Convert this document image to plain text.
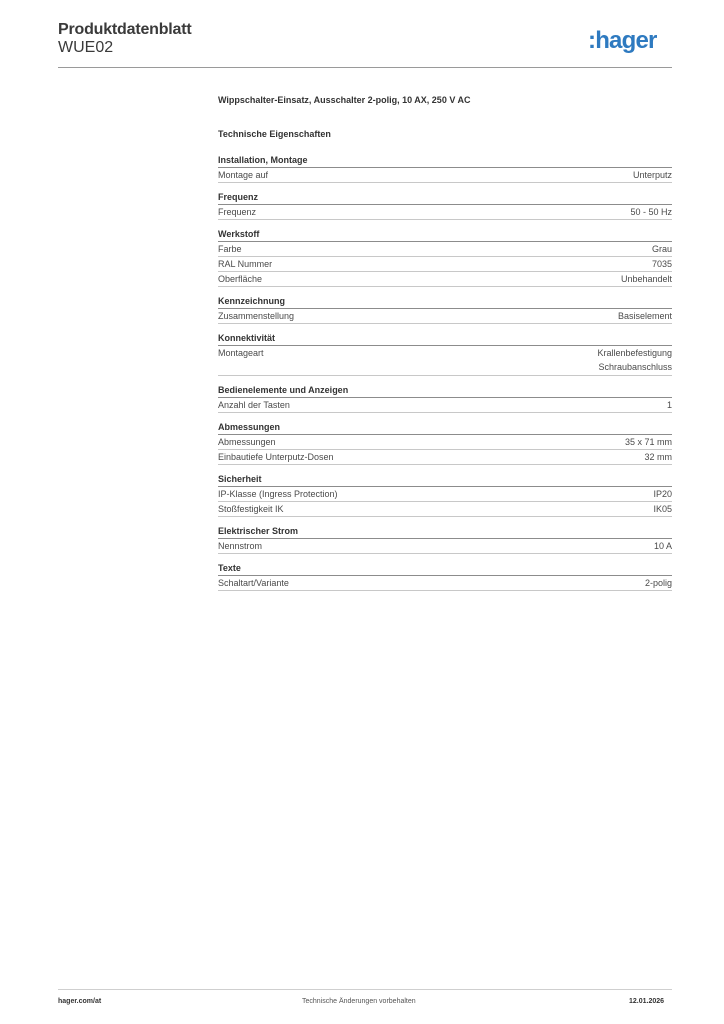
Produktdatenblatt
WUE02	:hager
Wippschalter-Einsatz, Ausschalter 2-polig, 10 AX, 250 V AC
Technische Eigenschaften
Installation, Montage
Montage auf	Unterputz
Frequenz
Frequenz	50 - 50 Hz
Werkstoff
Farbe	Grau
RAL Nummer	7035
Oberfläche	Unbehandelt
Kennzeichnung
Zusammenstellung	Basiselement
Konnektivität
Montageart	Krallenbefestigung
Schraubanschluss
Bedienelemente und Anzeigen
Anzahl der Tasten	1
Abmessungen
Abmessungen	35 x 71 mm
Einbautiefe Unterputz-Dosen	32 mm
Sicherheit
IP-Klasse (Ingress Protection)	IP20
Stoßfestigkeit IK	IK05
Elektrischer Strom
Nennstrom	10 A
Texte
Schaltart/Variante	2-polig
hager.com/at	Technische Änderungen vorbehalten	12.01.2026
